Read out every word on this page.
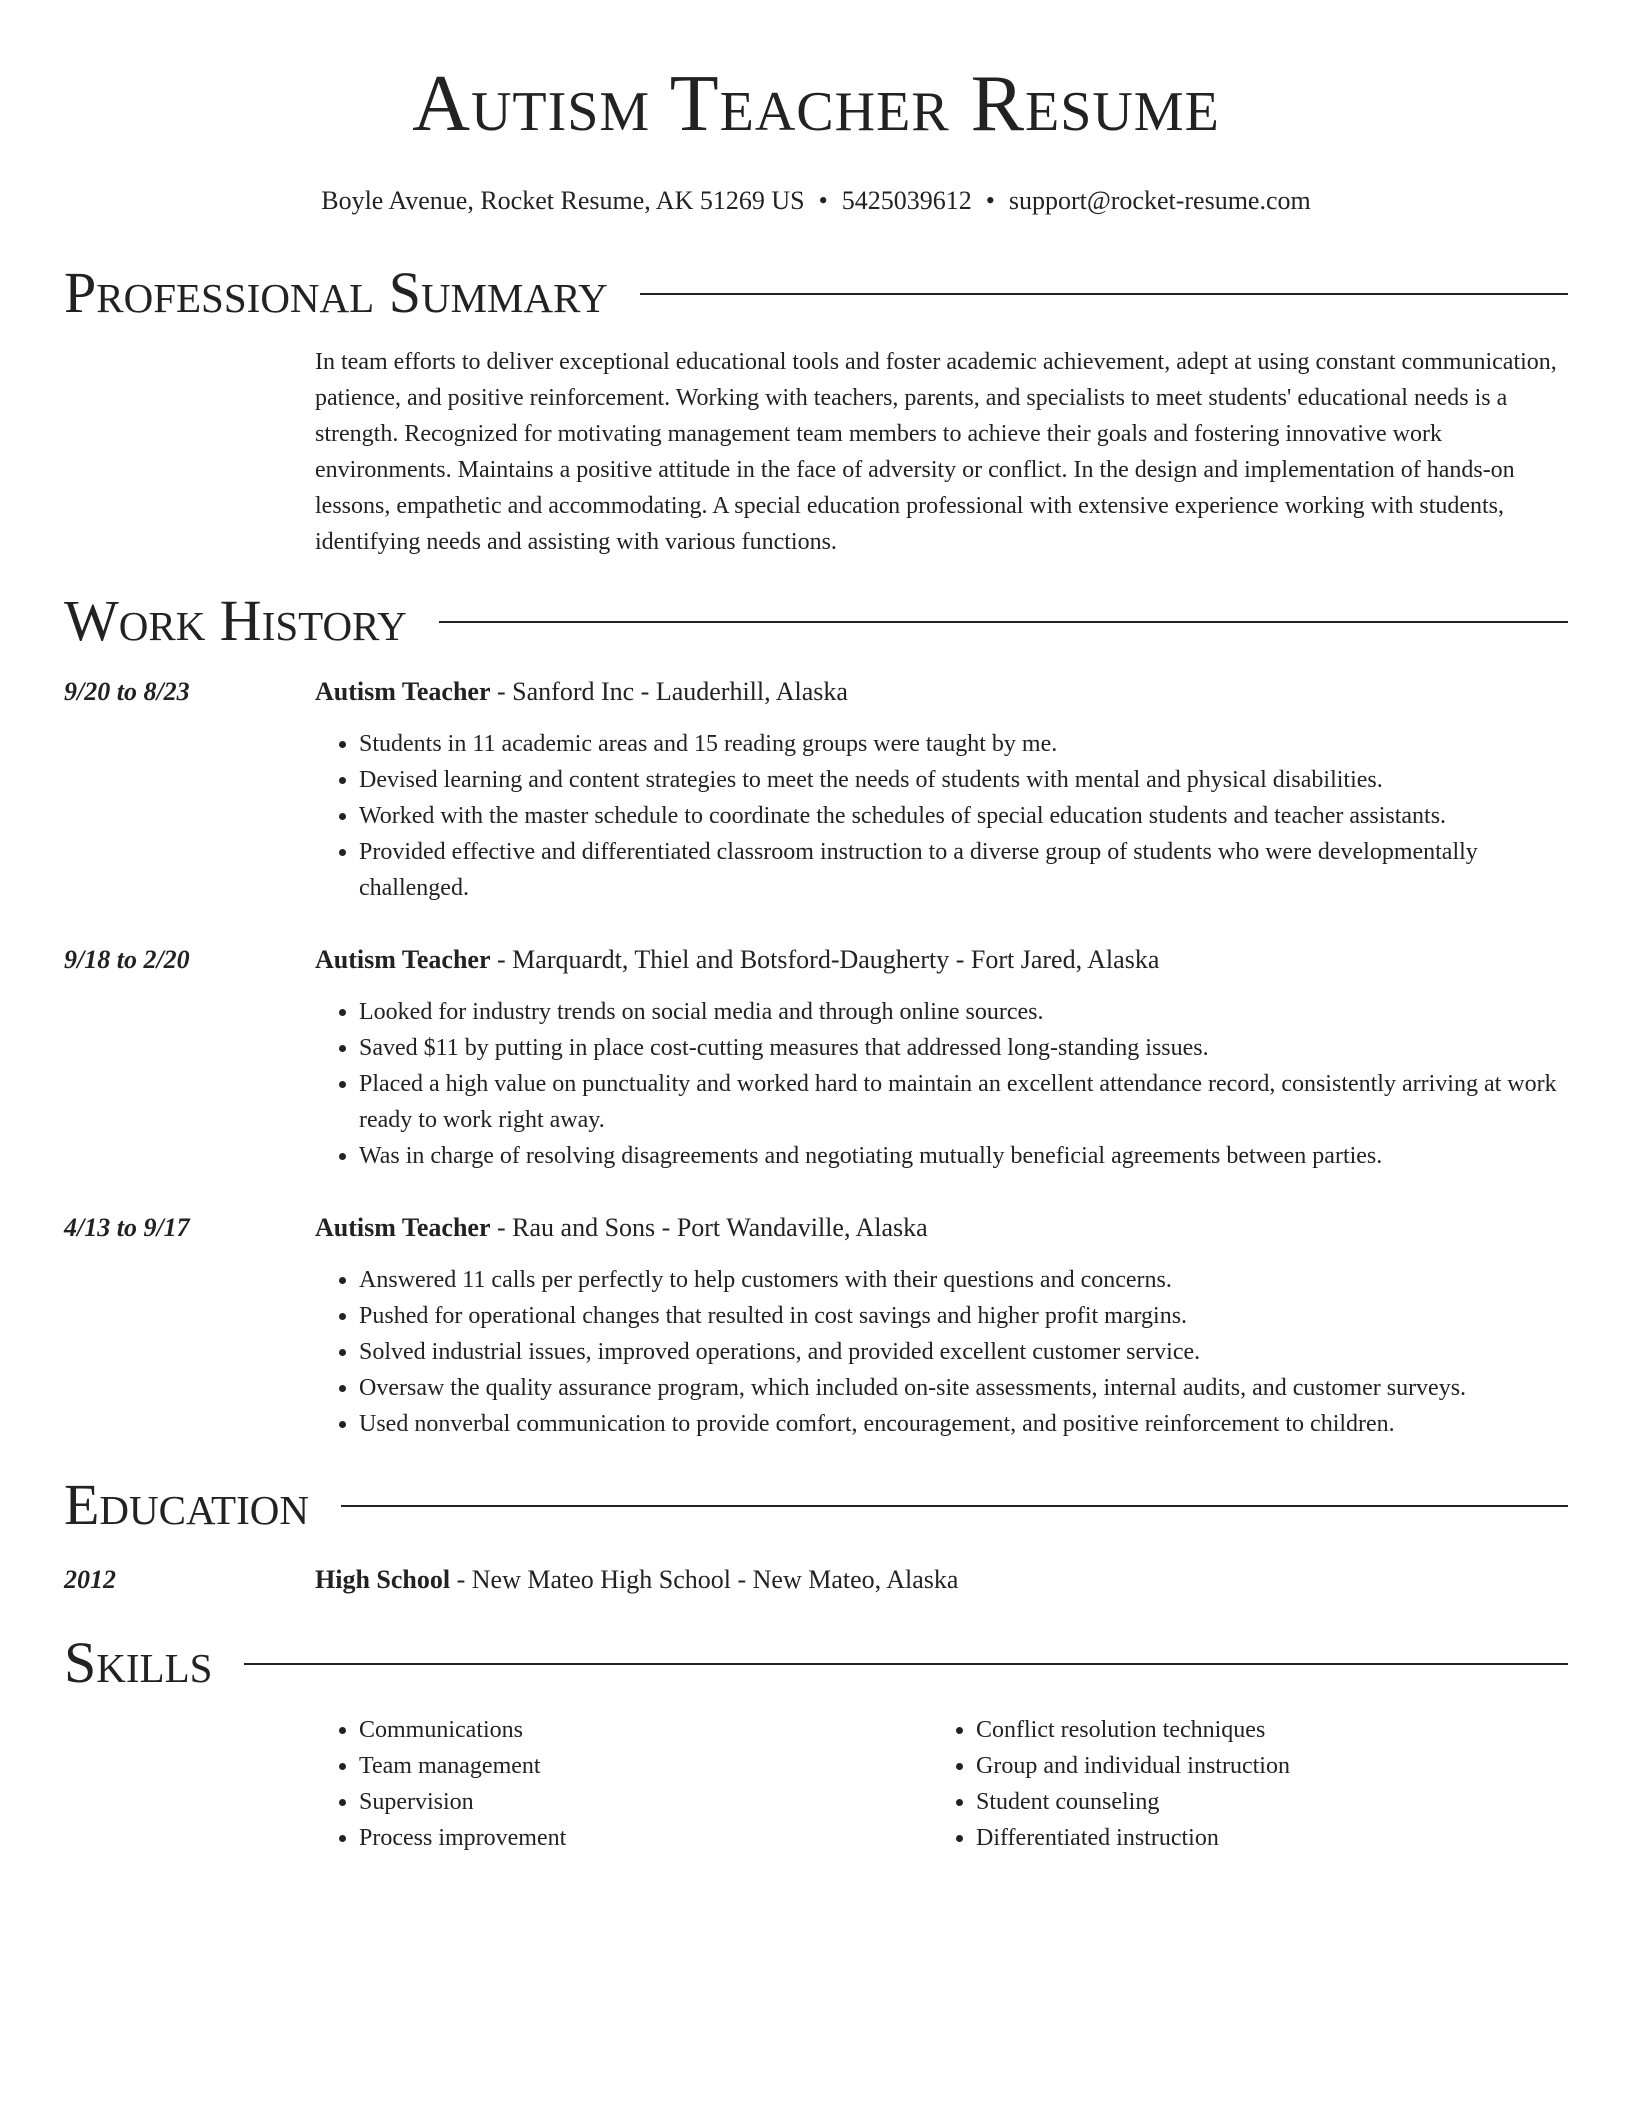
Autism Teacher Resume
Boyle Avenue, Rocket Resume, AK 51269 US • 5425039612 • support@rocket-resume.com
Professional Summary

In team efforts to deliver exceptional educational tools and foster academic achievement, adept at using constant communication, patience, and positive reinforcement. Working with teachers, parents, and specialists to meet students' educational needs is a strength. Recognized for motivating management team members to achieve their goals and fostering innovative work environments. Maintains a positive attitude in the face of adversity or conflict. In the design and implementation of hands-on lessons, empathetic and accommodating. A special education professional with extensive experience working with students, identifying needs and assisting with various functions.

Work History
9/20 to 8/23	Autism Teacher - Sanford Inc - Lauderhill, Alaska
• Students in 11 academic areas and 15 reading groups were taught by me.
• Devised learning and content strategies to meet the needs of students with mental and physical disabilities.
• Worked with the master schedule to coordinate the schedules of special education students and teacher assistants.
• Provided effective and differentiated classroom instruction to a diverse group of students who were developmentally challenged.
9/18 to 2/20	Autism Teacher - Marquardt, Thiel and Botsford-Daugherty - Fort Jared, Alaska
• Looked for industry trends on social media and through online sources.
• Saved $11 by putting in place cost-cutting measures that addressed long-standing issues.
• Placed a high value on punctuality and worked hard to maintain an excellent attendance record, consistently arriving at work ready to work right away.
• Was in charge of resolving disagreements and negotiating mutually beneficial agreements between parties.
4/13 to 9/17	Autism Teacher - Rau and Sons - Port Wandaville, Alaska
• Answered 11 calls per perfectly to help customers with their questions and concerns.
• Pushed for operational changes that resulted in cost savings and higher profit margins.
• Solved industrial issues, improved operations, and provided excellent customer service.
• Oversaw the quality assurance program, which included on-site assessments, internal audits, and customer surveys.
• Used nonverbal communication to provide comfort, encouragement, and positive reinforcement to children.
Education
2012	High School - New Mateo High School - New Mateo, Alaska
Skills
• Communications
• Team management
• Supervision
• Process improvement
• Conflict resolution techniques
• Group and individual instruction
• Student counseling
• Differentiated instruction
